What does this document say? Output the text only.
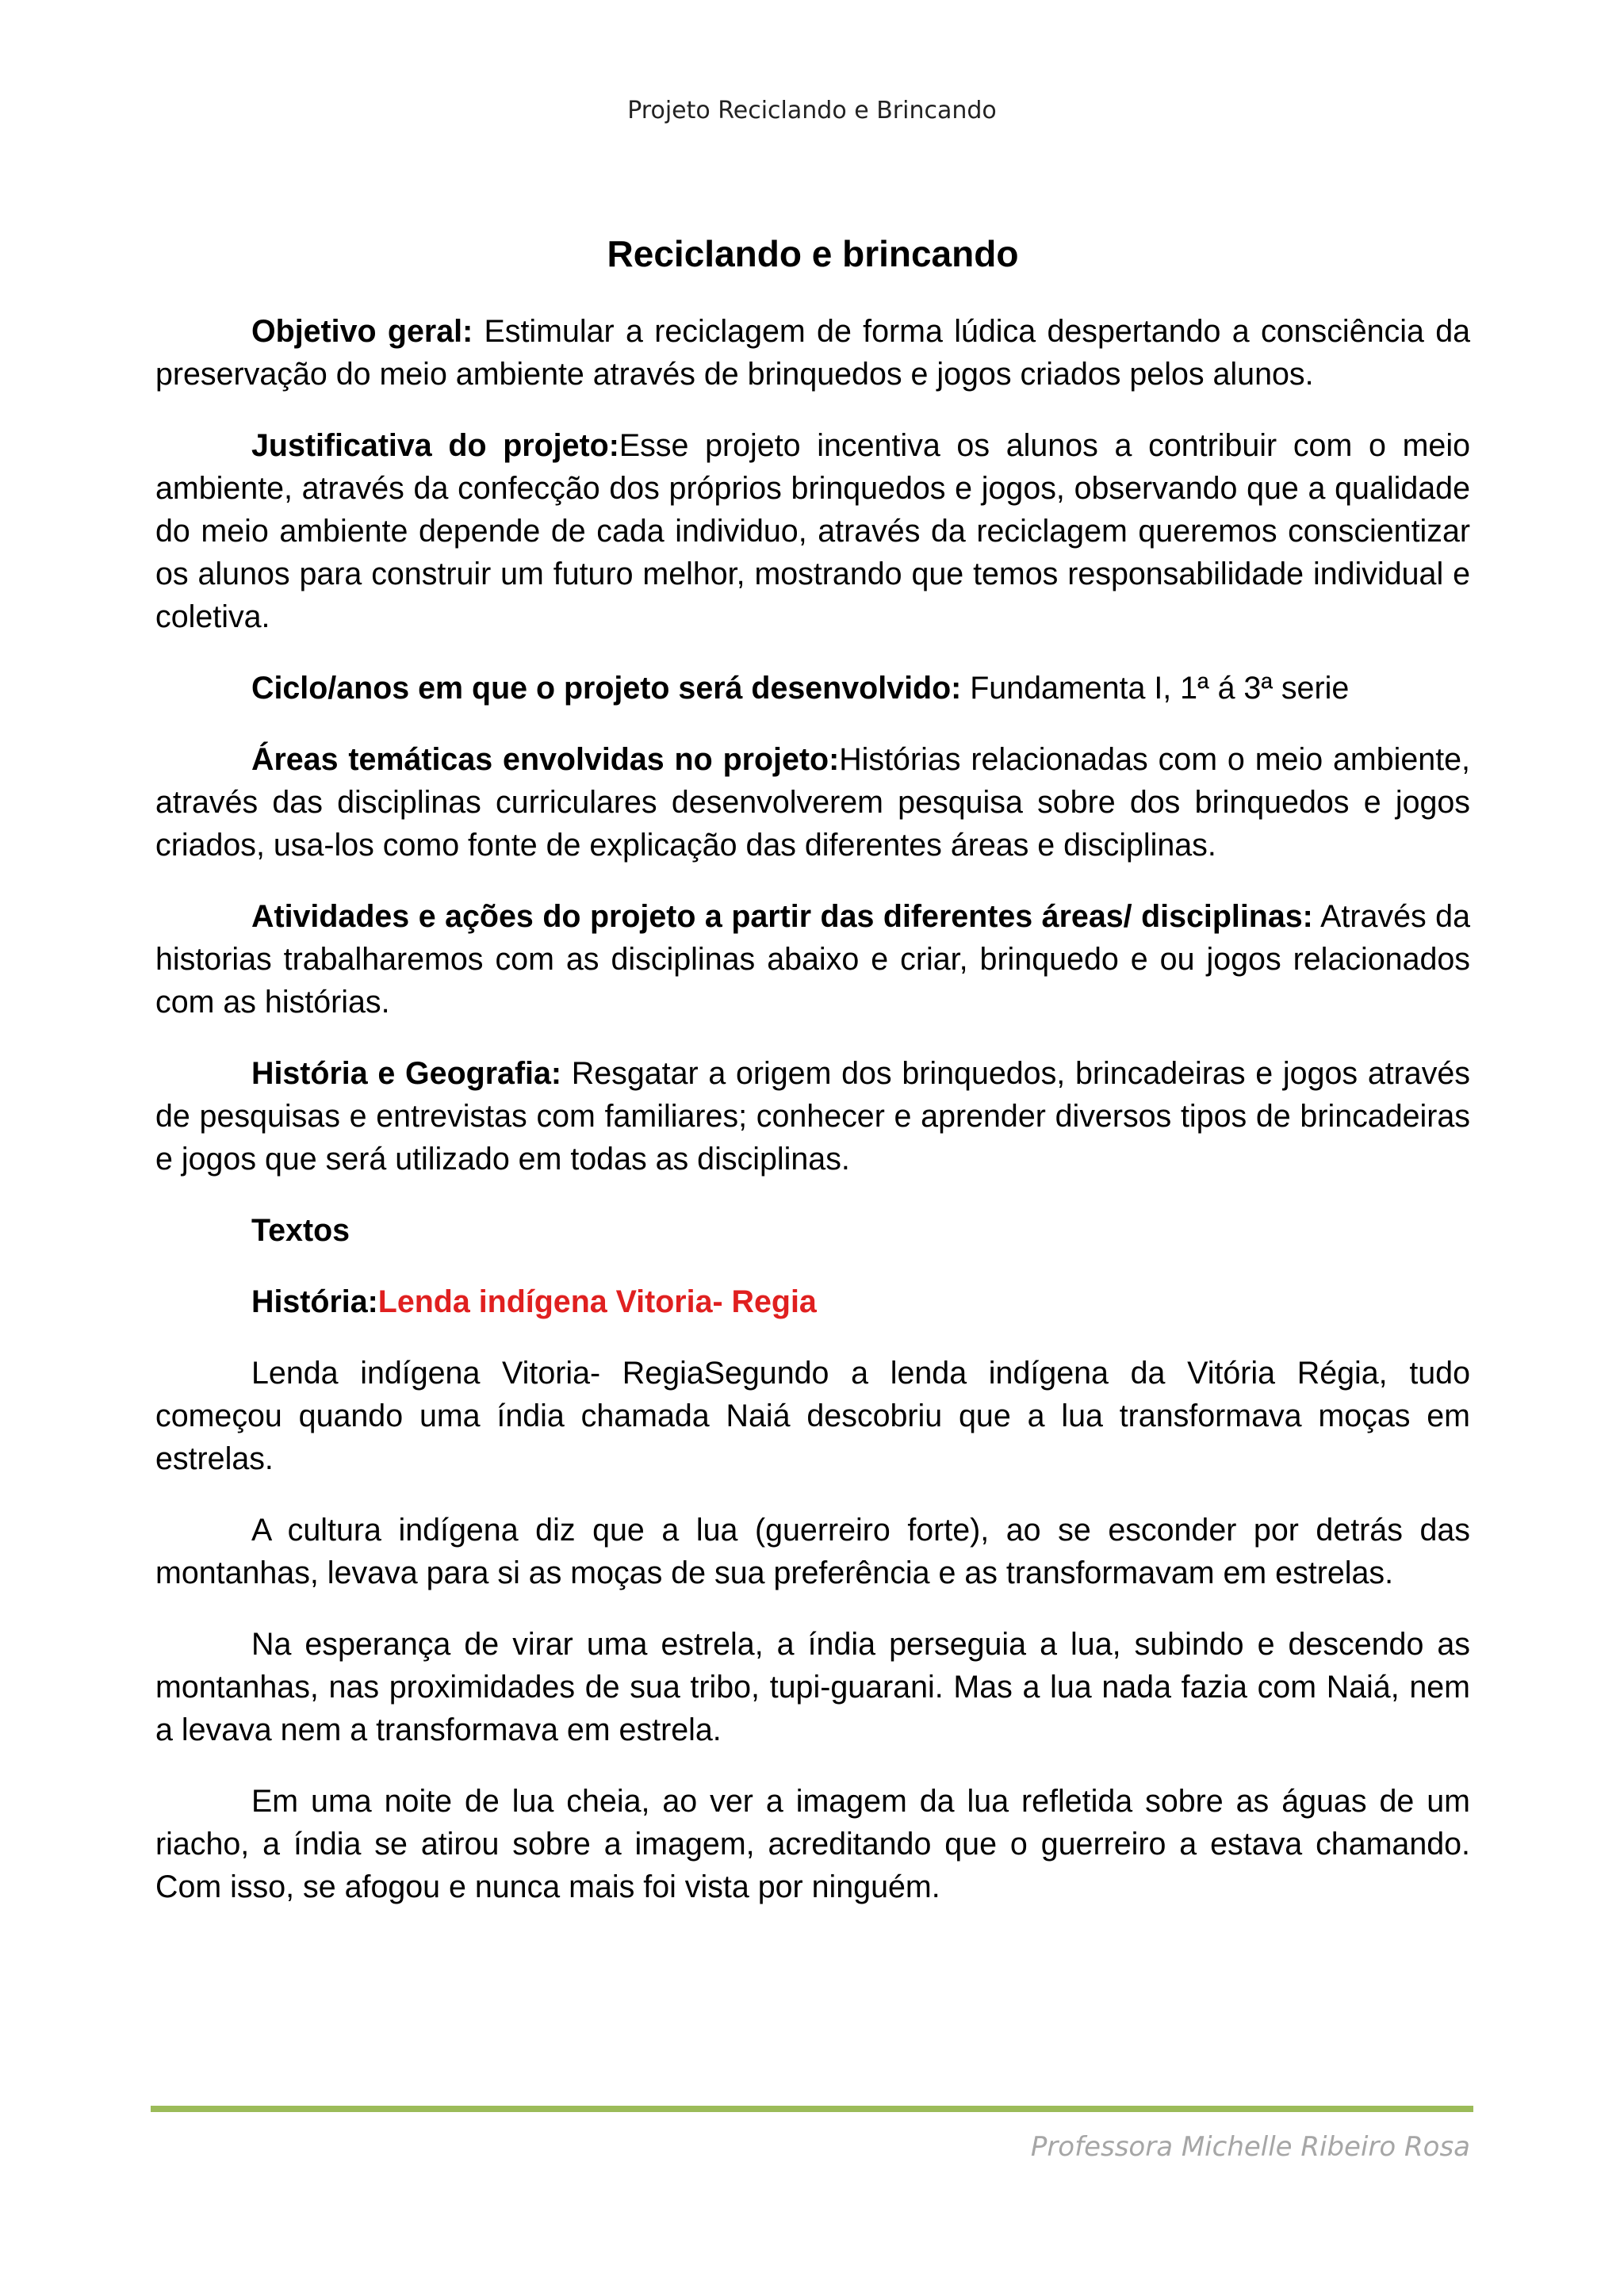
Projeto Reciclando e Brincando
Reciclando e brincando

Objetivo geral: Estimular a reciclagem de forma lúdica despertando a consciência da preservação do meio ambiente através de brinquedos e jogos criados pelos alunos.

Justificativa do projeto:Esse projeto incentiva os alunos a contribuir com o meio ambiente, através da confecção dos próprios brinquedos e jogos, observando que a qualidade do meio ambiente depende de cada individuo, através da reciclagem queremos conscientizar os alunos para construir um futuro melhor, mostrando que temos responsabilidade individual e coletiva.

Ciclo/anos em que o projeto será desenvolvido: Fundamenta I, 1ª á 3ª serie

Áreas temáticas envolvidas no projeto:Histórias relacionadas com o meio ambiente, através das disciplinas curriculares desenvolverem pesquisa sobre dos brinquedos e jogos criados, usa-los como fonte de explicação das diferentes áreas e disciplinas.

Atividades e ações do projeto a partir das diferentes áreas/ disciplinas: Através da historias trabalharemos com as disciplinas abaixo e criar, brinquedo e ou jogos relacionados com as histórias.

História e Geografia: Resgatar a origem dos brinquedos, brincadeiras e jogos através de pesquisas e entrevistas com familiares; conhecer e aprender diversos tipos de brincadeiras e jogos que será utilizado em todas as disciplinas.

Textos

História:Lenda indígena Vitoria- Regia

Lenda indígena Vitoria- RegiaSegundo a lenda indígena da Vitória Régia, tudo começou quando uma índia chamada Naiá descobriu que a lua transformava moças em estrelas.

A cultura indígena diz que a lua (guerreiro forte), ao se esconder por detrás das montanhas, levava para si as moças de sua preferência e as transformavam em estrelas.

Na esperança de virar uma estrela, a índia perseguia a lua, subindo e descendo as montanhas, nas proximidades de sua tribo, tupi-guarani. Mas a lua nada fazia com Naiá, nem a levava nem a transformava em estrela.

Em uma noite de lua cheia, ao ver a imagem da lua refletida sobre as águas de um riacho, a índia se atirou sobre a imagem, acreditando que o guerreiro a estava chamando. Com isso, se afogou e nunca mais foi vista por ninguém.

Professora Michelle Ribeiro Rosa
